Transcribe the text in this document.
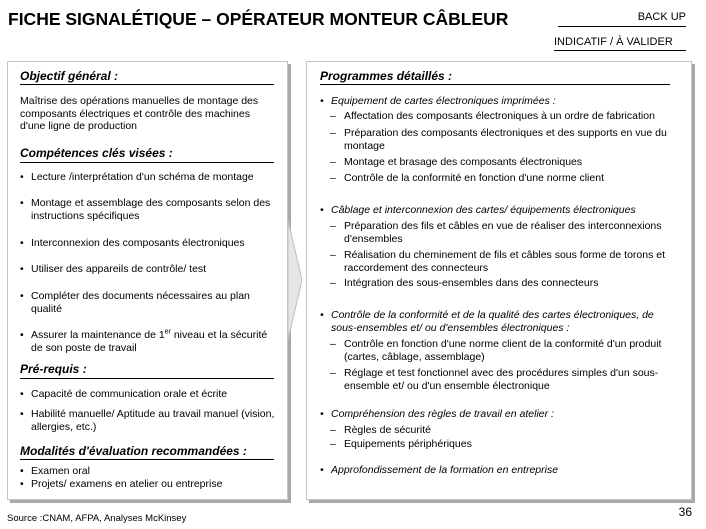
FICHE SIGNALÉTIQUE – OPÉRATEUR MONTEUR CÂBLEUR	BACK UP
INDICATIF / À VALIDER
Objectif général :
Maîtrise des opérations manuelles de montage des composants électriques et contrôle des machines d'une ligne de production
Compétences clés visées :
• Lecture /interprétation d'un schéma de montage
• Montage et assemblage des composants selon des instructions spécifiques
• Interconnexion des composants électroniques
• Utiliser des appareils de contrôle/ test
• Compléter des documents nécessaires au plan qualité
• Assurer la maintenance de 1er niveau et la sécurité de son poste de travail
Pré-requis :
• Capacité de communication orale et écrite
• Habilité manuelle/ Aptitude au travail manuel (vision, allergies, etc.)
Modalités d'évaluation recommandées :
• Examen oral
• Projets/ examens en atelier ou entreprise
Programmes détaillés :
• Equipement de cartes électroniques imprimées :
– Affectation des composants électroniques à un ordre de fabrication
– Préparation des composants électroniques et des supports en vue du montage
– Montage et brasage des composants électroniques
– Contrôle de la conformité en fonction d'une norme client
• Câblage et interconnexion des cartes/ équipements électroniques
– Préparation des fils et câbles en vue de réaliser des interconnexions d'ensembles
– Réalisation du cheminement de fils et câbles sous forme de torons et raccordement des connecteurs
– Intégration des sous-ensembles dans des connecteurs
• Contrôle de la conformité et de la qualité des cartes électroniques, de sous-ensembles et/ ou d'ensembles électroniques :
– Contrôle en fonction d'une norme client de la conformité d'un produit (cartes, câblage, assemblage)
– Réglage et test fonctionnel avec des procédures simples d'un sous-ensemble et/ ou d'un ensemble électronique
• Compréhension des règles de travail en atelier :
– Règles de sécurité
– Equipements périphériques
• Approfondissement de la formation en entreprise
Source :CNAM, AFPA, Analyses McKinsey	36
